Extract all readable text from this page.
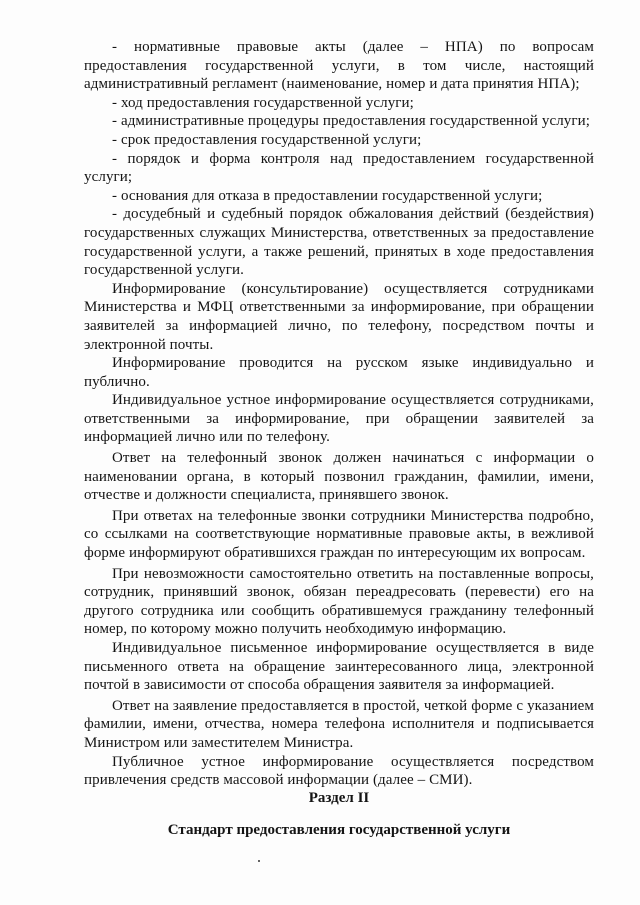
- нормативные правовые акты (далее – НПА) по вопросам предоставления государственной услуги, в том числе, настоящий административный регламент (наименование, номер и дата принятия НПА);

- ход предоставления государственной услуги;

- административные процедуры предоставления государственной услуги;

- срок предоставления государственной услуги;

- порядок и форма контроля над предоставлением государственной услуги;

- основания для отказа в предоставлении государственной услуги;

- досудебный и судебный порядок обжалования действий (бездействия) государственных служащих Министерства, ответственных за предоставление государственной услуги, а также решений, принятых в ходе предоставления государственной услуги.

Информирование (консультирование) осуществляется сотрудниками Министерства и МФЦ ответственными за информирование, при обращении заявителей за информацией лично, по телефону, посредством почты и электронной почты.

Информирование проводится на русском языке индивидуально и публично.

Индивидуальное устное информирование осуществляется сотрудниками, ответственными за информирование, при обращении заявителей за информацией лично или по телефону.

Ответ на телефонный звонок должен начинаться с информации о наименовании органа, в который позвонил гражданин, фамилии, имени, отчестве и должности специалиста, принявшего звонок.

При ответах на телефонные звонки сотрудники Министерства подробно, со ссылками на соответствующие нормативные правовые акты, в вежливой форме информируют обратившихся граждан по интересующим их вопросам.

При невозможности самостоятельно ответить на поставленные вопросы, сотрудник, принявший звонок, обязан переадресовать (перевести) его на другого сотрудника или сообщить обратившемуся гражданину телефонный номер, по которому можно получить необходимую информацию.

Индивидуальное письменное информирование осуществляется в виде письменного ответа на обращение заинтересованного лица, электронной почтой в зависимости от способа обращения заявителя за информацией.

Ответ на заявление предоставляется в простой, четкой форме с указанием фамилии, имени, отчества, номера телефона исполнителя и подписывается Министром или заместителем Министра.

Публичное устное информирование осуществляется посредством привлечения средств массовой информации (далее – СМИ).

Раздел II
Стандарт предоставления государственной услуги
